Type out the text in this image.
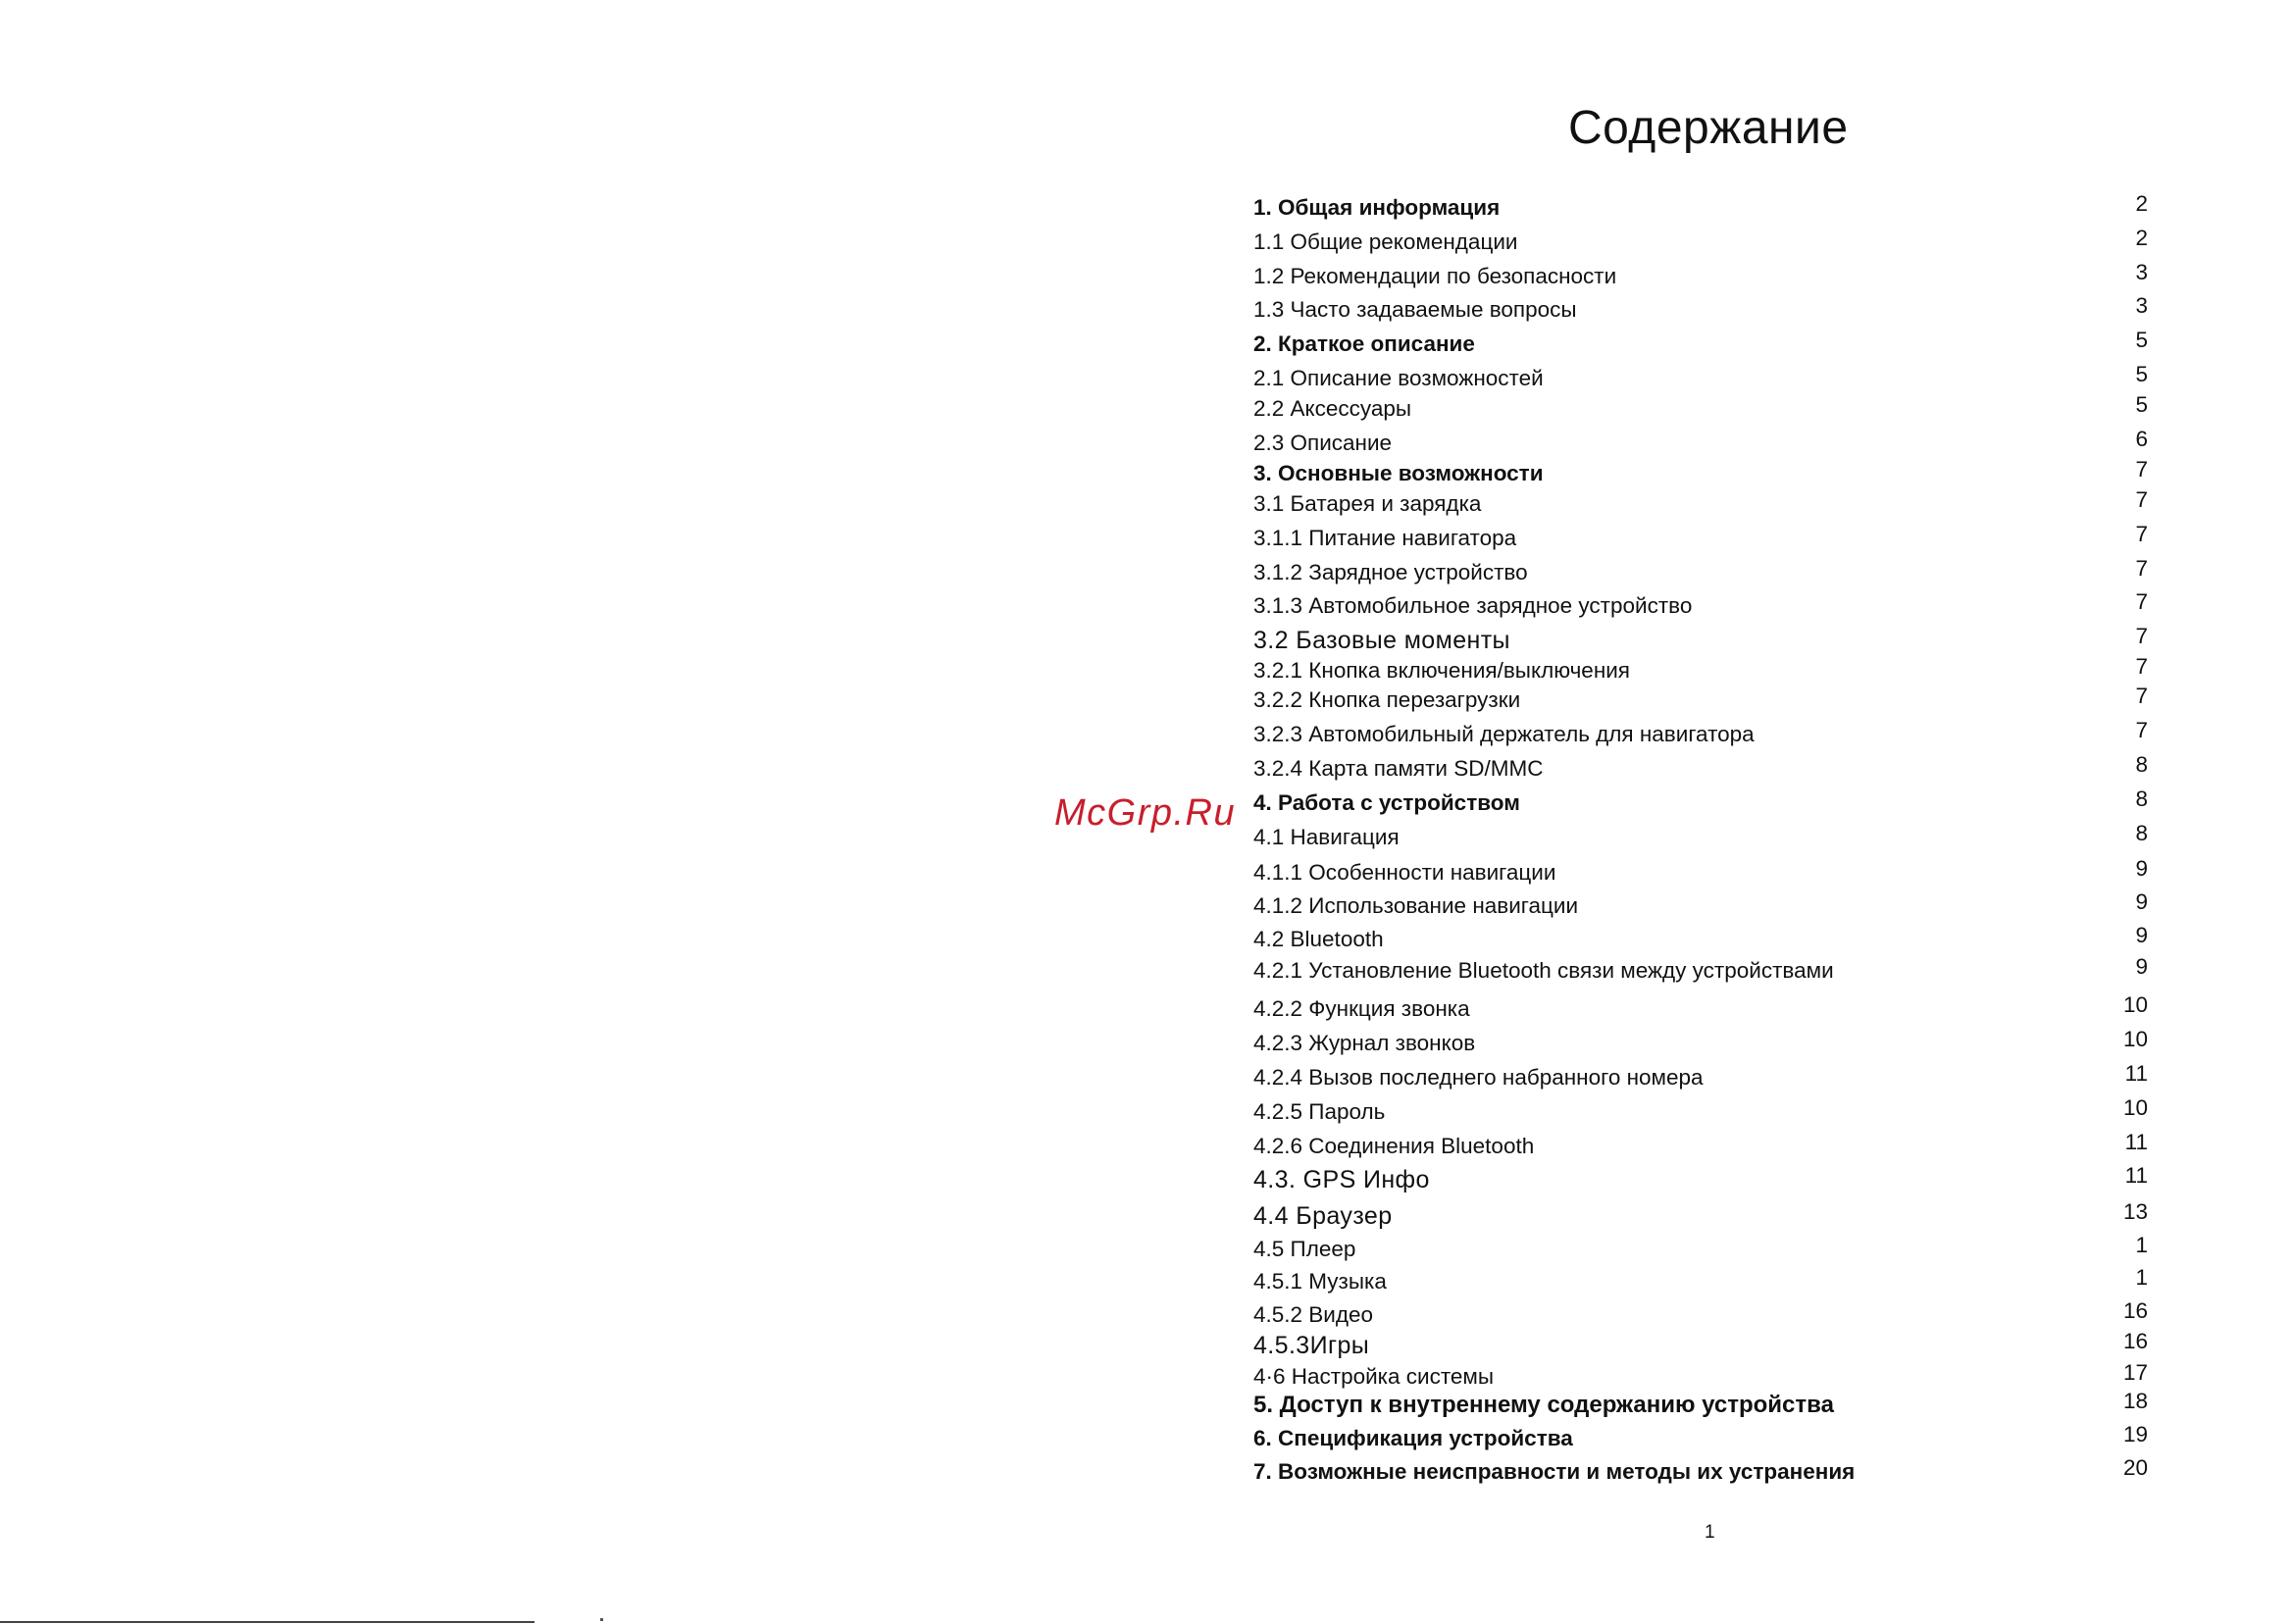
Содержание
1. Общая информация	2
1.1 Общие рекомендации	2
1.2 Рекомендации по безопасности	3
1.3 Часто задаваемые вопросы	3
2. Краткое описание	5
2.1 Описание возможностей	5
2.2 Аксессуары	5
2.3 Описание	6
3. Основные возможности	7
3.1 Батарея и зарядка	7
3.1.1 Питание навигатора	7
3.1.2 Зарядное устройство	7
3.1.3 Автомобильное зарядное устройство	7
3.2 Базовые моменты	7
3.2.1 Кнопка включения/выключения	7
3.2.2 Кнопка перезагрузки	7
3.2.3 Автомобильный держатель для навигатора	7
3.2.4 Карта памяти SD/MMC	8
4. Работа с устройством	8
4.1 Навигация	8
4.1.1 Особенности навигации	9
4.1.2 Использование навигации	9
4.2 Bluetooth	9
4.2.1 Установление Bluetooth связи между устройствами	9
4.2.2 Функция звонка	10
4.2.3 Журнал звонков	10
4.2.4 Вызов последнего набранного номера	11
4.2.5 Пароль	10
4.2.6 Соединения Bluetooth	11
4.3. GPS Инфо	11
4.4 Браузер	13
4.5 Плеер	1
4.5.1 Музыка	1
4.5.2 Видео	16
4.5.3Игры	16
4·6 Настройка системы	17
5. Доступ к внутреннему содержанию устройства	18
6. Спецификация устройства	19
7. Возможные неисправности и методы их устранения	20
McGrp.Ru
1
